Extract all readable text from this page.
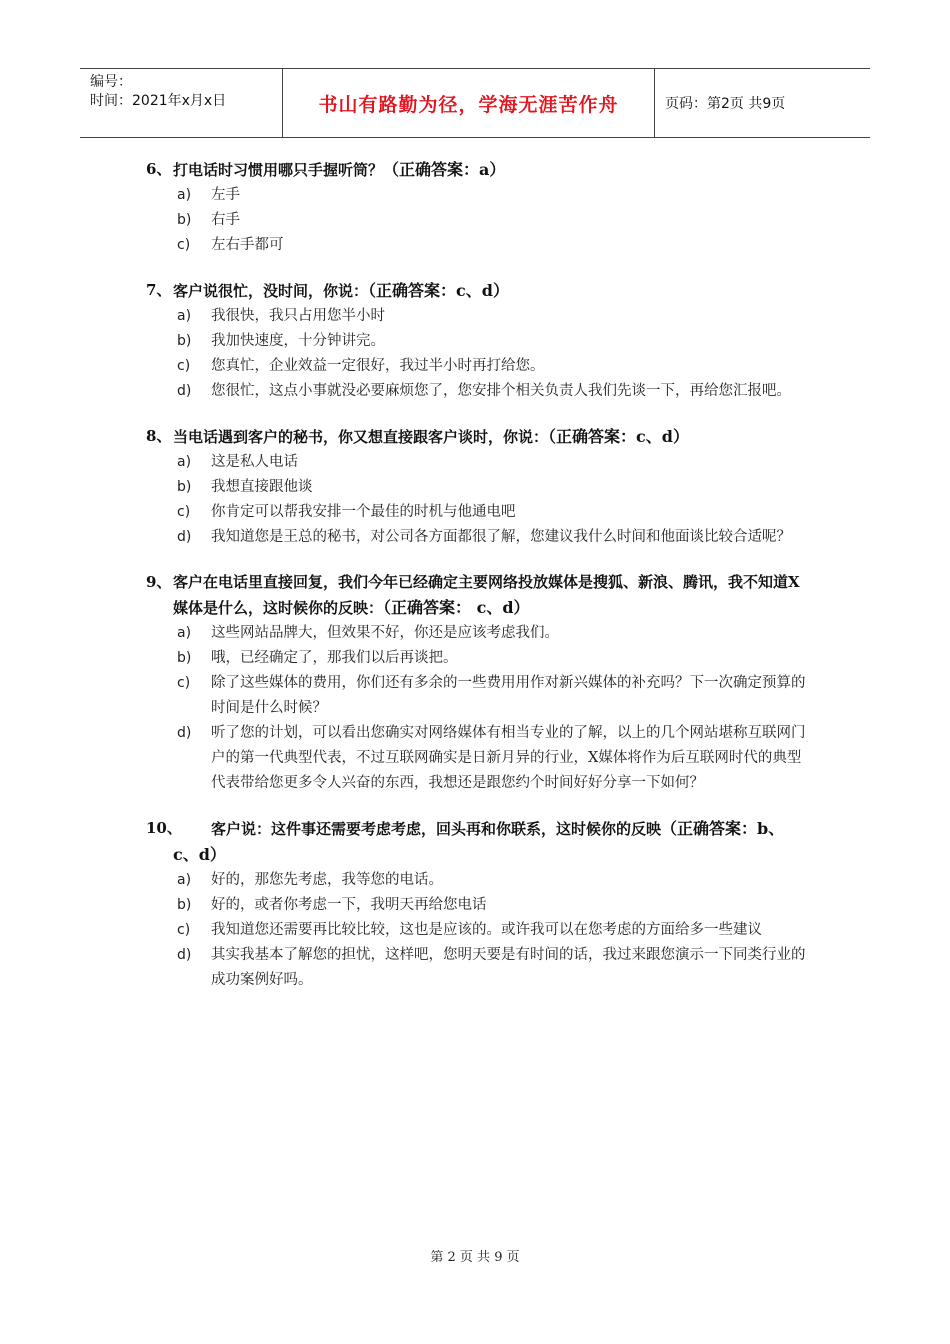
编号：
时间：2021年x月x日	书山有路勤为径，学海无涯苦作舟	页码：第2页 共9页
6、 打电话时习惯用哪只手握听筒？（正确答案：a）
a) 左手
b) 右手
c) 左右手都可
7、 客户说很忙，没时间，你说：（正确答案：c、d）
a) 我很快，我只占用您半小时
b) 我加快速度，十分钟讲完。
c) 您真忙，企业效益一定很好，我过半小时再打给您。
d) 您很忙，这点小事就没必要麻烦您了，您安排个相关负责人我们先谈一下，再给您汇报吧。
8、 当电话遇到客户的秘书，你又想直接跟客户谈时，你说：（正确答案：c、d）
a) 这是私人电话
b) 我想直接跟他谈
c) 你肯定可以帮我安排一个最佳的时机与他通电吧
d) 我知道您是王总的秘书，对公司各方面都很了解，您建议我什么时间和他面谈比较合适呢？
9、 客户在电话里直接回复，我们今年已经确定主要网络投放媒体是搜狐、新浪、腾讯，我不知道X媒体是什么，这时候你的反映：（正确答案： c、d）
a) 这些网站品牌大，但效果不好，你还是应该考虑我们。
b) 哦，已经确定了，那我们以后再谈把。
c) 除了这些媒体的费用，你们还有多余的一些费用用作对新兴媒体的补充吗？下一次确定预算的时间是什么时候？
d) 听了您的计划，可以看出您确实对网络媒体有相当专业的了解，以上的几个网站堪称互联网门户的第一代典型代表，不过互联网确实是日新月异的行业，X媒体将作为后互联网时代的典型代表带给您更多令人兴奋的东西，我想还是跟您约个时间好好分享一下如何？
10、	客户说：这件事还需要考虑考虑，回头再和你联系，这时候你的反映（正确答案：b、c、d）
a) 好的，那您先考虑，我等您的电话。
b) 好的，或者你考虑一下，我明天再给您电话
c) 我知道您还需要再比较比较，这也是应该的。或许我可以在您考虑的方面给多一些建议
d) 其实我基本了解您的担忧，这样吧，您明天要是有时间的话，我过来跟您演示一下同类行业的成功案例好吗。
第 2 页 共 9 页
